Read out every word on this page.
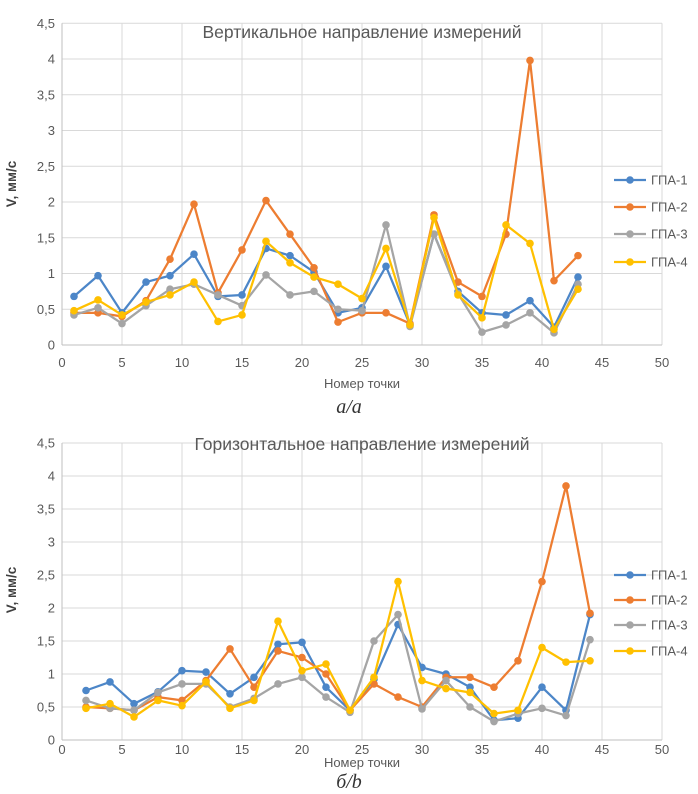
0
0,5
1
1,5
2
2,5
3
3,5
4
4,5
0	5	10	15	20	25	30	35	40	45	50
Вертикальное направление измерений
Номер точки
V, мм/с	ГПА-1
ГПА-2
ГПА-3
ГПА-4
а/а
0
0,5
1
1,5
2
2,5
3
3,5
4
4,5
0	5	10	15	20	25	30	35	40	45	50
Горизонтальное направление измерений
Номер точки
V, мм/с	ГПА-1
ГПА-2
ГПА-3
ГПА-4
б/b
